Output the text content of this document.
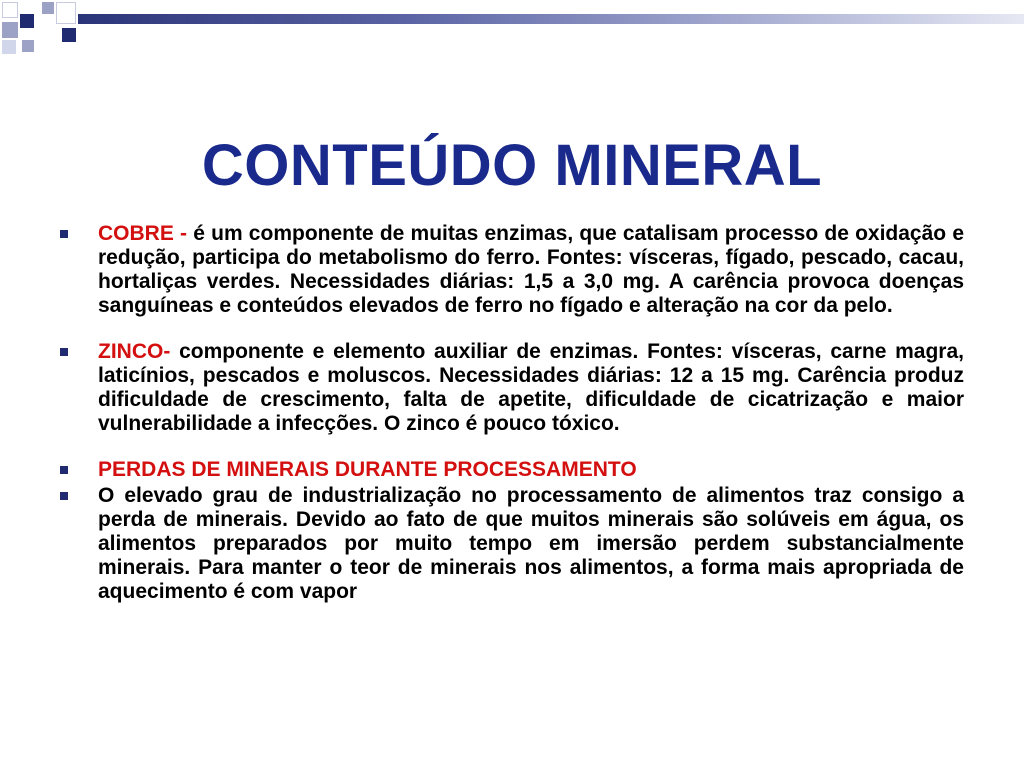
CONTEÚDO MINERAL
COBRE - é um componente de muitas enzimas, que catalisam processo de oxidação e redução, participa do metabolismo do ferro. Fontes: vísceras, fígado, pescado, cacau, hortaliças verdes. Necessidades diárias: 1,5 a 3,0 mg. A carência provoca doenças sanguíneas e conteúdos elevados de ferro no fígado e alteração na cor da pelo.
ZINCO- componente e elemento auxiliar de enzimas. Fontes: vísceras, carne magra, laticínios, pescados e moluscos. Necessidades diárias: 12 a 15 mg. Carência produz dificuldade de crescimento, falta de apetite, dificuldade de cicatrização e maior vulnerabilidade a infecções. O zinco é pouco tóxico.
PERDAS DE MINERAIS DURANTE PROCESSAMENTO
O elevado grau de industrialização no processamento de alimentos traz consigo a perda de minerais. Devido ao fato de que muitos minerais são solúveis em água, os alimentos preparados por muito tempo em imersão perdem substancialmente minerais. Para manter o teor de minerais nos alimentos, a forma mais apropriada de aquecimento é com vapor
